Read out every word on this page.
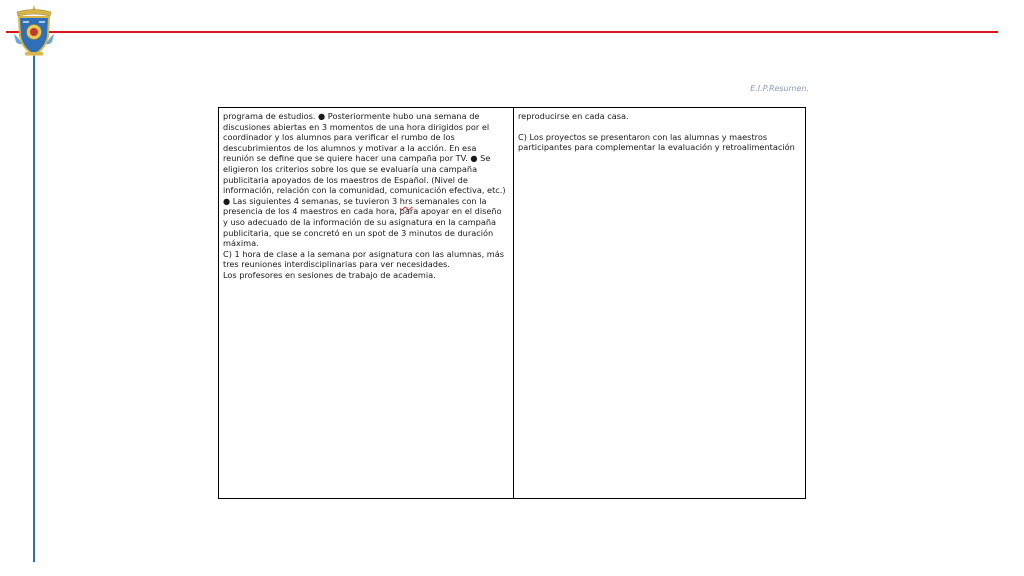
E.I.P.Resumen.

programa de estudios. ● Posteriormente hubo una semana de discusiones abiertas en 3 momentos de una hora dirigidos por el coordinador y los alumnos para verificar el rumbo de los descubrimientos de los alumnos y motivar a la acción. En esa reunión se define que se quiere hacer una campaña por TV. ● Se eligieron los criterios sobre los que se evaluaría una campaña publicitaria apoyados de los maestros de Español. (Nivel de información, relación con la comunidad, comunicación efectiva, etc.) ● Las siguientes 4 semanas, se tuvieron 3 hrs semanales con la presencia de los 4 maestros en cada hora, para apoyar en el diseño y uso adecuado de la información de su asignatura en la campaña publicitaria, que se concretó en un spot de 3 minutos de duración máxima.

C) 1 hora de clase a la semana por asignatura con las alumnas, más tres reuniones interdisciplinarias para ver necesidades.

Los profesores en sesiones de trabajo de academia.

reproducirse en cada casa.

C) Los proyectos se presentaron con las alumnas y maestros participantes para complementar la evaluación y retroalimentación
